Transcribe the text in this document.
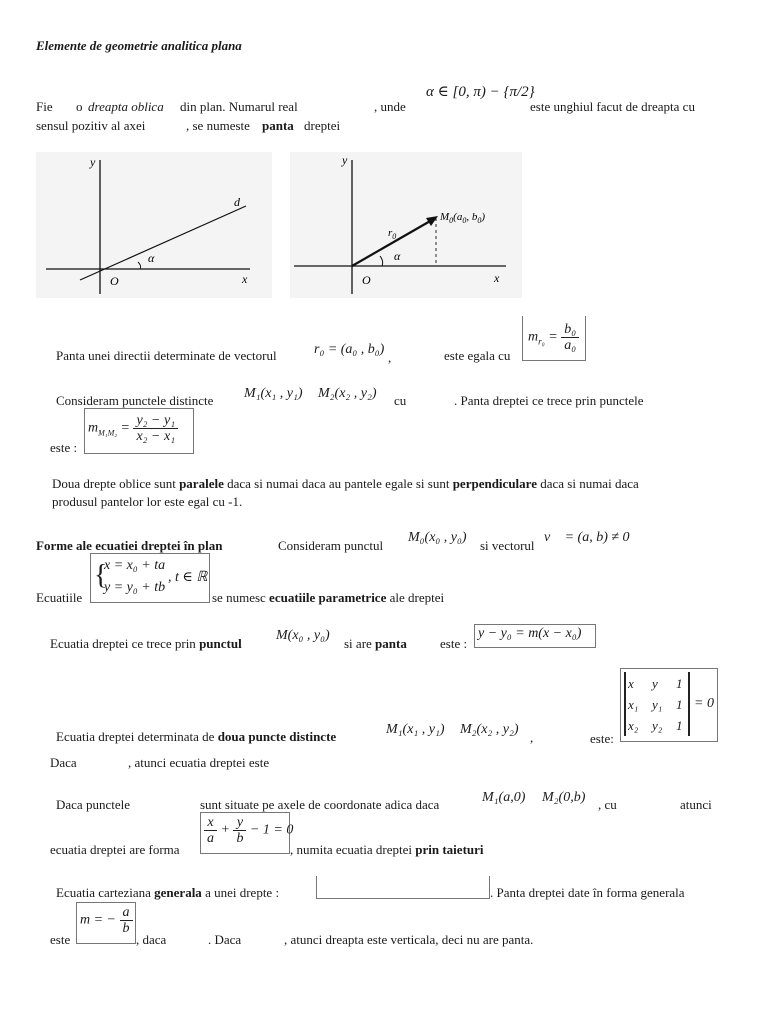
Elemente de geometrie analitica plana
Fie o dreapta oblica din plan. Numarul real	, unde
α ∈ [0, π) − {π/2}
este unghiul facut de dreapta cu
sensul pozitiv al axei	, se numeste panta dreptei
y
x
O
d
α
y
x
O
$r_0$
α
$M_0(a_0$, $b_0$)
Panta unei directii determinate de vectorul	r₀ = (a₀ , b₀)
,	este egala cu
$m_{r_0} = \frac{\text{b₀}}{\text{a₀}}$
Consideram punctele distincte M₁(x₁ , y₁) M₂(x₂ , y₂) cu	. Panta dreptei ce trece prin punctele
este :
$m_{M_1M_2} = \frac{\text{y₂ − y₁}}{\text{x₂ − x₁}}$
Doua drepte oblice sunt paralele daca si numai daca au pantele egale si sunt perpendiculare daca si numai daca
produsul pantelor lor este egal cu -1.
Forme ale ecuatiei dreptei în plan	Consideram punctul
M₀(x₀ , y₀)
si vectorul
v⃗ = (a, b) ≠ 0⃗
Ecuatiile
{
x = x₀ + ta
y = y₀ + tb
, t ∈ ℝ
se numesc ecuatiile parametrice ale dreptei
Ecuatia dreptei ce trece prin punctul
M(x₀ , y₀)
si are panta	este :
y − y₀ = m(x − x₀)
Ecuatia dreptei determinata de doua puncte distincte	M₁(x₁ , y₁) M₂(x₂ , y₂)
,	este:
x y 1
x₁ y₁ 1
x₂ y₂ 1
= 0
Daca	, atunci ecuatia dreptei este
Daca punctele	sunt situate pe axele de coordonate adica daca	M₁(a,0) M₂(0,b) , cu	atunci
ecuatia dreptei are forma
$\frac{x}{a} + \frac{y}{b} - 1 = 0$
, numita ecuatia dreptei prin taieturi
Ecuatia carteziana generala a unei drepte :	. Panta dreptei date în forma generala
este
m = − $\frac{a}{b}$
, daca	. Daca	, atunci dreapta este verticala, deci nu are panta.
